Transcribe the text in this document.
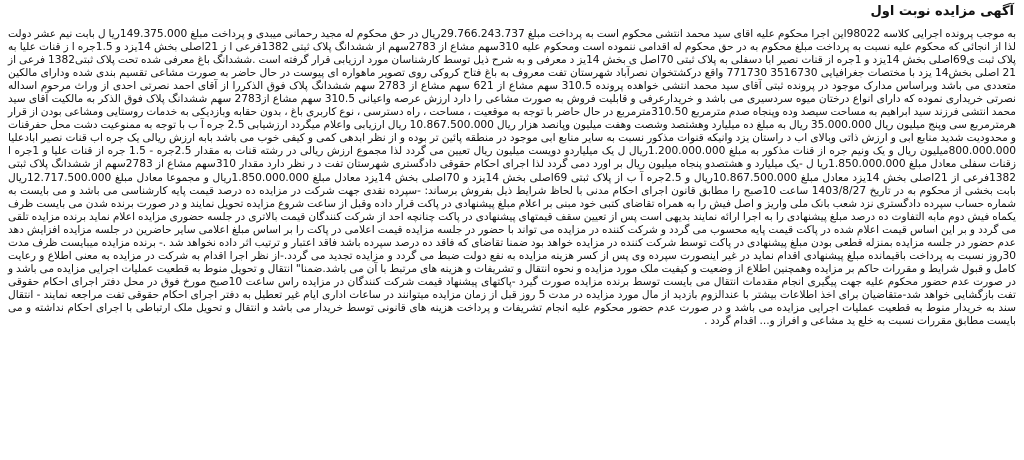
آگهی مزایده نوبت اول

به موجب پرونده اجرایی کلاسه 98022این اجرا محکوم علیه اقای سید محمد انتشی محکوم است به پرداخت مبلغ 29.766.243.737ریال در حق محکوم له مجید رحمانی میبدی و پرداخت مبلغ 149.375.000ریا ل بابت نیم عشر دولت لذا از انجائی که محکوم علیه نسبت به پرداخت مبلغ محکوم به در حق محکوم له اقدامی ننموده است ومحکوم علیه 310سهم مشاع از 2783سهم از ششدانگ پلاک ثبتی 1382فرعی ا ز 21اصلی بخش 14یزد و 1.5جره ا ز قنات علیا به پلاک ثبت ی69اصلی بخش 14یزد و 1جره از قنات نصیر ابا دسفلی به پلاک ثبتی 70اصل ی بخش 14یز د معرفی و به شرح ذیل توسط کارشناسان مورد ارزیابی قرار گرفته است .ششدانگ باغ معرفی شده تحت پلاک ثبتی1382 فرعی از 21 اصلی بخش14 یزد با مختصات جغرافیایی 3516730 771730 واقع درکشتخوان نصرآباد شهرستان تفت معروف به باغ فتاح کروکی روی تصویر ماهواره ای پیوست در حال حاضر به صورت مشاعی تقسیم بندی شده ودارای مالکین متعددی می باشد وبراساس مدارک موجود در پرونده ثبتی آقای سید محمد انتشی خواهده پرونده 310.5 سهم مشاع از 621 سهم مشاع از 2783 سهم ششدانگ پلاک فوق الذکررا از آقای احمد نصرتی احدی از وراث مرحوم اسداله نصرتی خریداری نموده که دارای انواع درختان میوه سردسیری می باشد و خریدارعرفی و قابلیت فروش به صورت مشاعی را دارد ارزش عرصه واعیانی 310.5 سهم مشاع از2783 سهم ششدانگ پلاک فوق الذکر به مالکیت آقای سید محمد انتشی فرزند سید ابراهیم به مساحت سیصد وده وپنجاه صدم مترمربع 310.50مترمربع در حال حاضر با توجه به موقعیت ، مساحت ، راه دسترسی ، نوع کاربری باغ ، بدون حقابه وبازدیکی به خدمات روستایی ومشاعی بودن از قرار هرمترمربع سی وپنج میلیون ریال 35.000.000 ریال به مبلغ ده میلیارد وهشتصد وشصت وهفت میلیون وپانصد هزار ریال 10.867.500.000 ریال ارزیابی واعلام میگردد ارزشیابی 2.5 جره آ ب با توجه به ممنوعیت دشت محل حفرقنات و محدودیت شدید منابع ابی و ارزش ذاتی وبالای اب د راستان یزد وانیکه قنوات مذکور نسبت به سایر منابع ابی موجود در منطقه پائین تر بوده و از نظر ابدهی کمی و کیفی خوب می باشد بابه ارزش ریالی یک جره اب قنات نصیر ابادعلیا 800.000.000میلیون ریال و یک ونیم جره از قنات مذکور به مبلغ 1.200.000.000ریال ل یک میلیاردو دویست میلیون ریال تعیین می گردد لذا مجموع ارزش ریالی در رشته قنات به مقدار 2.5جره - 1.5 جره از قنات علیا و 1جره ا زقنات سفلی معادل مبلغ 1.850.000.000ریا ل -یک میلیارد و هشتصدو پنجاه میلیون ریال بر اورد دمی گردد لذا اجرای احکام حقوقی دادگستری شهرستان تفت د ر نظر دارد مقدار 310سهم مشاع از 2783سهم از ششدانگ پلاک ثبتی 1382فرعی از 21اصلی بخش 14یزد معادل مبلغ 10.867.500.000ریال و 2.5جره آ ب از پلاک ثبتی 69اصلی بخش 14یزد و 70اصلی بخش 14یزد معادل مبلغ 1.850.000.000ریال و مجموعا معادل مبلغ 12.717.500.000ریال بابت بخشی از محکوم به در تاریخ 1403/8/27 ساعت 10صبح را مطابق قانون اجرای احکام مدنی با لحاظ شرایط ذیل بفروش برساند: -سپرده نقدی جهت شرکت در مزایده ده درصد قیمت پایه کارشناسی می باشد و می بایست به شماره حساب سپرده دادگستری نزد شعب بانک ملی واریز و اصل فیش را به همراه تقاضای کتبی خود مبنی بر اعلام مبلغ پیشنهادی در پاکت قرار داده وقبل از ساعت شروع مزایده تحویل نمایند و در صورت برنده شدن می بایست ظرف یکماه فیش دوم مابه التفاوت ده درصد مبلغ پیشنهادی را به اجرا ارائه نمایند بدیهی است پس از تعیین سقف قیمتهای پیشنهادی در پاکت چنانچه احد از شرکت کنندگان قیمت بالاتری در جلسه حضوری مزایده اعلام نماید برنده مزایده تلقی می گردد و بر این اساس قیمت اعلام شده در پاکت قیمت پایه محسوب می گردد و شرکت کننده در مزایده می تواند با حضور در جلسه مزایده قیمت اعلامی در پاکت را بر اساس مبلغ اعلامی سایر حاضرین در جلسه مزایده افزایش دهد عدم حضور در جلسه مزایده بمنزله قطعی بودن مبلغ پیشنهادی در پاکت توسط شرکت کننده در مزایده خواهد بود ضمنا تقاضای که فاقد ده درصد سپرده باشد فاقد اعتبار و ترتیب اثر داده نخواهد شد .- برنده مزایده میبایست ظرف مدت 30روز نسبت به پرداخت باقیمانده مبلغ پیشنهادی اقدام نماید در غیر اینصورت سپرده وی پس از کسر هزینه مزایده به نفع دولت ضبط می گردد و مزایده تجدید می گردد.-از نظر اجرا اقدام به شرکت در مزایده به معنی اطلاع و رعایت کامل و قبول شرایط و مقررات حاکم بر مزایده وهمچنین اطلاع از وضعیت و کیفیت ملک مورد مزایده و نحوه انتقال و تشریفات و هزینه های مرتبط با آن می باشد.ضمنا" انتقال و تحویل منوط به قطعیت عملیات اجرایی مزایده می باشد و در صورت عدم حضور محکوم علیه جهت پیگیری انجام مقدمات انتقال می بایست توسط برنده مزایده صورت گیرد -پاکتهای پیشنهاد قیمت شرکت کنندگان در مزایده راس ساعت 10صبح مورخ فوق در محل دفتر اجرای احکام حقوقی تفت بازگشایی خواهد شد-متقاضیان برای اخذ اطلاعات بیشتر با عندالزوم بازدید از مال مورد مزایده در مدت 5 روز قبل از زمان مزایده میتوانند در ساعات اداری ایام غیر تعطیل به دفتر اجرای احکام حقوقی تفت مراجعه نمایند - انتقال سند به خریدار منوط به قطعیت عملیات اجرایی مزایده می باشد و در صورت عدم حضور محکوم علیه انجام تشریفات و پرداخت هزینه های قانونی توسط خریدار می باشد و انتقال و تحویل ملک ارتباطی با اجرای احکام نداشته و می بایست مطابق مقررات نسبت به خلع ید مشاعی و افراز و... اقدام گردد .
